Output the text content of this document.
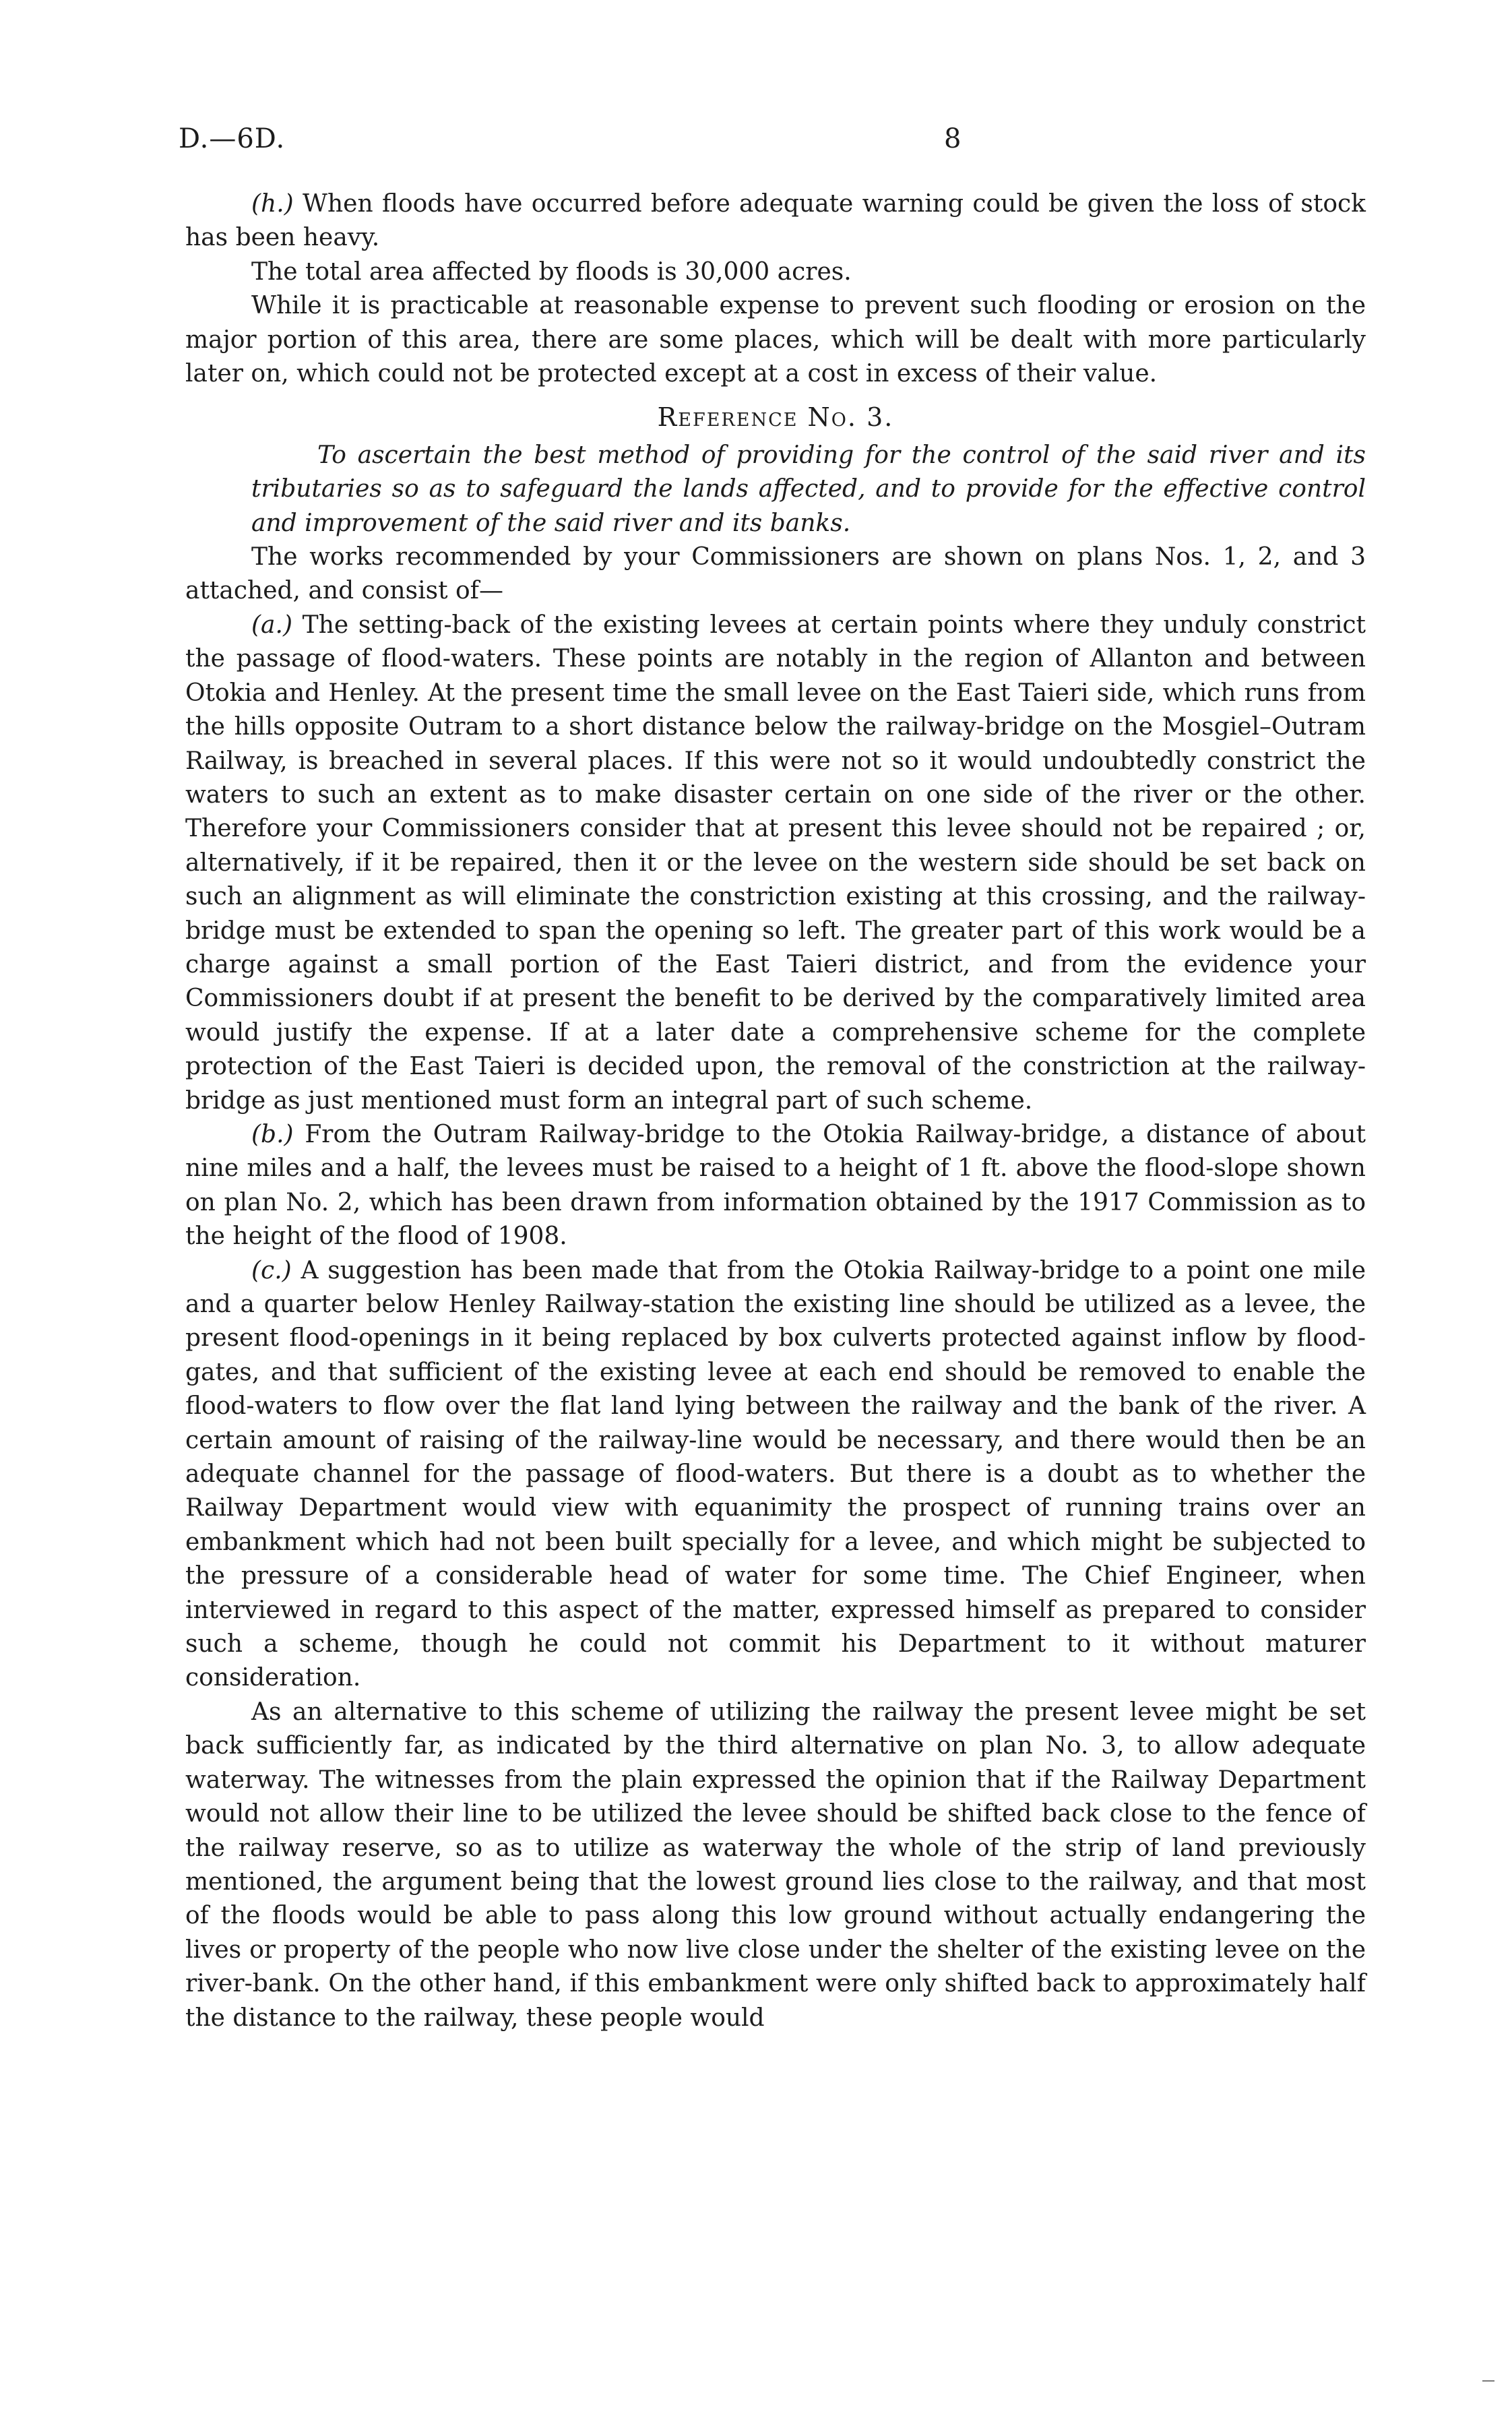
D.—6D.	8

(h.) When floods have occurred before adequate warning could be given the loss of stock has been heavy.

The total area affected by floods is 30,000 acres.

While it is practicable at reasonable expense to prevent such flooding or erosion on the major portion of this area, there are some places, which will be dealt with more particularly later on, which could not be protected except at a cost in excess of their value.

Reference No. 3.

To ascertain the best method of providing for the control of the said river and its tributaries so as to safeguard the lands affected, and to provide for the effective control and improvement of the said river and its banks.

The works recommended by your Commissioners are shown on plans Nos. 1, 2, and 3 attached, and consist of—

(a.) The setting-back of the existing levees at certain points where they unduly constrict the passage of flood-waters. These points are notably in the region of Allanton and between Otokia and Henley. At the present time the small levee on the East Taieri side, which runs from the hills opposite Outram to a short distance below the railway-bridge on the Mosgiel–Outram Railway, is breached in several places. If this were not so it would undoubtedly constrict the waters to such an extent as to make disaster certain on one side of the river or the other. Therefore your Commissioners consider that at present this levee should not be repaired ; or, alternatively, if it be repaired, then it or the levee on the western side should be set back on such an alignment as will eliminate the constriction existing at this crossing, and the railway-bridge must be extended to span the opening so left. The greater part of this work would be a charge against a small portion of the East Taieri district, and from the evidence your Commissioners doubt if at present the benefit to be derived by the comparatively limited area would justify the expense. If at a later date a comprehensive scheme for the complete protection of the East Taieri is decided upon, the removal of the constriction at the railway-bridge as just mentioned must form an integral part of such scheme.

(b.) From the Outram Railway-bridge to the Otokia Railway-bridge, a distance of about nine miles and a half, the levees must be raised to a height of 1 ft. above the flood-slope shown on plan No. 2, which has been drawn from information obtained by the 1917 Commission as to the height of the flood of 1908.

(c.) A suggestion has been made that from the Otokia Railway-bridge to a point one mile and a quarter below Henley Railway-station the existing line should be utilized as a levee, the present flood-openings in it being replaced by box culverts protected against inflow by flood-gates, and that sufficient of the existing levee at each end should be removed to enable the flood-waters to flow over the flat land lying between the railway and the bank of the river. A certain amount of raising of the railway-line would be necessary, and there would then be an adequate channel for the passage of flood-waters. But there is a doubt as to whether the Railway Department would view with equanimity the prospect of running trains over an embankment which had not been built specially for a levee, and which might be subjected to the pressure of a considerable head of water for some time. The Chief Engineer, when interviewed in regard to this aspect of the matter, expressed himself as prepared to consider such a scheme, though he could not commit his Department to it without maturer consideration.

As an alternative to this scheme of utilizing the railway the present levee might be set back sufficiently far, as indicated by the third alternative on plan No. 3, to allow adequate waterway. The witnesses from the plain expressed the opinion that if the Railway Department would not allow their line to be utilized the levee should be shifted back close to the fence of the railway reserve, so as to utilize as waterway the whole of the strip of land previously mentioned, the argument being that the lowest ground lies close to the railway, and that most of the floods would be able to pass along this low ground without actually endangering the lives or property of the people who now live close under the shelter of the existing levee on the river-bank. On the other hand, if this embankment were only shifted back to approximately half the distance to the railway, these people would
